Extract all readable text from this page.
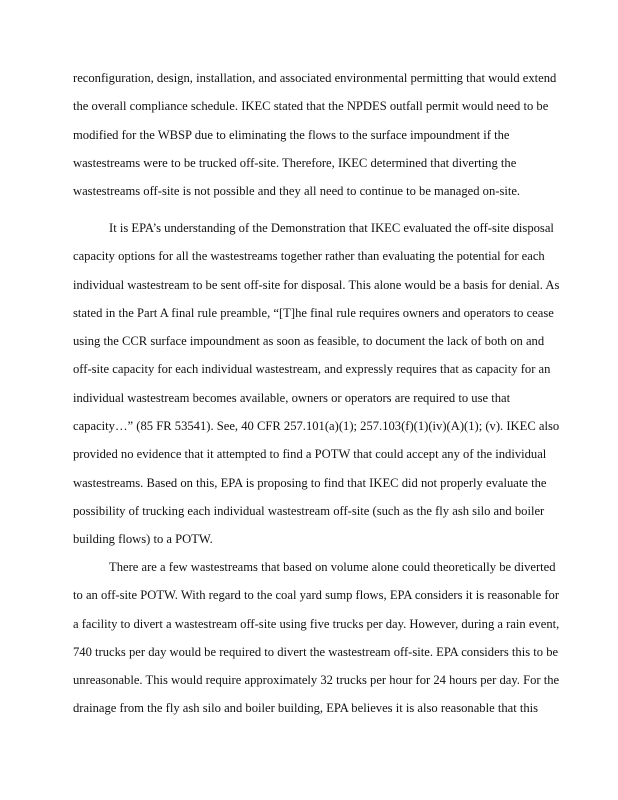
reconfiguration, design, installation, and associated environmental permitting that would extend
the overall compliance schedule. IKEC stated that the NPDES outfall permit would need to be
modified for the WBSP due to eliminating the flows to the surface impoundment if the
wastestreams were to be trucked off-site. Therefore, IKEC determined that diverting the
wastestreams off-site is not possible and they all need to continue to be managed on-site.
It is EPA’s understanding of the Demonstration that IKEC evaluated the off-site disposal
capacity options for all the wastestreams together rather than evaluating the potential for each
individual wastestream to be sent off-site for disposal. This alone would be a basis for denial. As
stated in the Part A final rule preamble, “[T]he final rule requires owners and operators to cease
using the CCR surface impoundment as soon as feasible, to document the lack of both on and
off-site capacity for each individual wastestream, and expressly requires that as capacity for an
individual wastestream becomes available, owners or operators are required to use that
capacity…” (85 FR 53541). See, 40 CFR 257.101(a)(1); 257.103(f)(1)(iv)(A)(1); (v). IKEC also
provided no evidence that it attempted to find a POTW that could accept any of the individual
wastestreams. Based on this, EPA is proposing to find that IKEC did not properly evaluate the
possibility of trucking each individual wastestream off-site (such as the fly ash silo and boiler
building flows) to a POTW.
There are a few wastestreams that based on volume alone could theoretically be diverted
to an off-site POTW. With regard to the coal yard sump flows, EPA considers it is reasonable for
a facility to divert a wastestream off-site using five trucks per day. However, during a rain event,
740 trucks per day would be required to divert the wastestream off-site. EPA considers this to be
unreasonable. This would require approximately 32 trucks per hour for 24 hours per day. For the
drainage from the fly ash silo and boiler building, EPA believes it is also reasonable that this
